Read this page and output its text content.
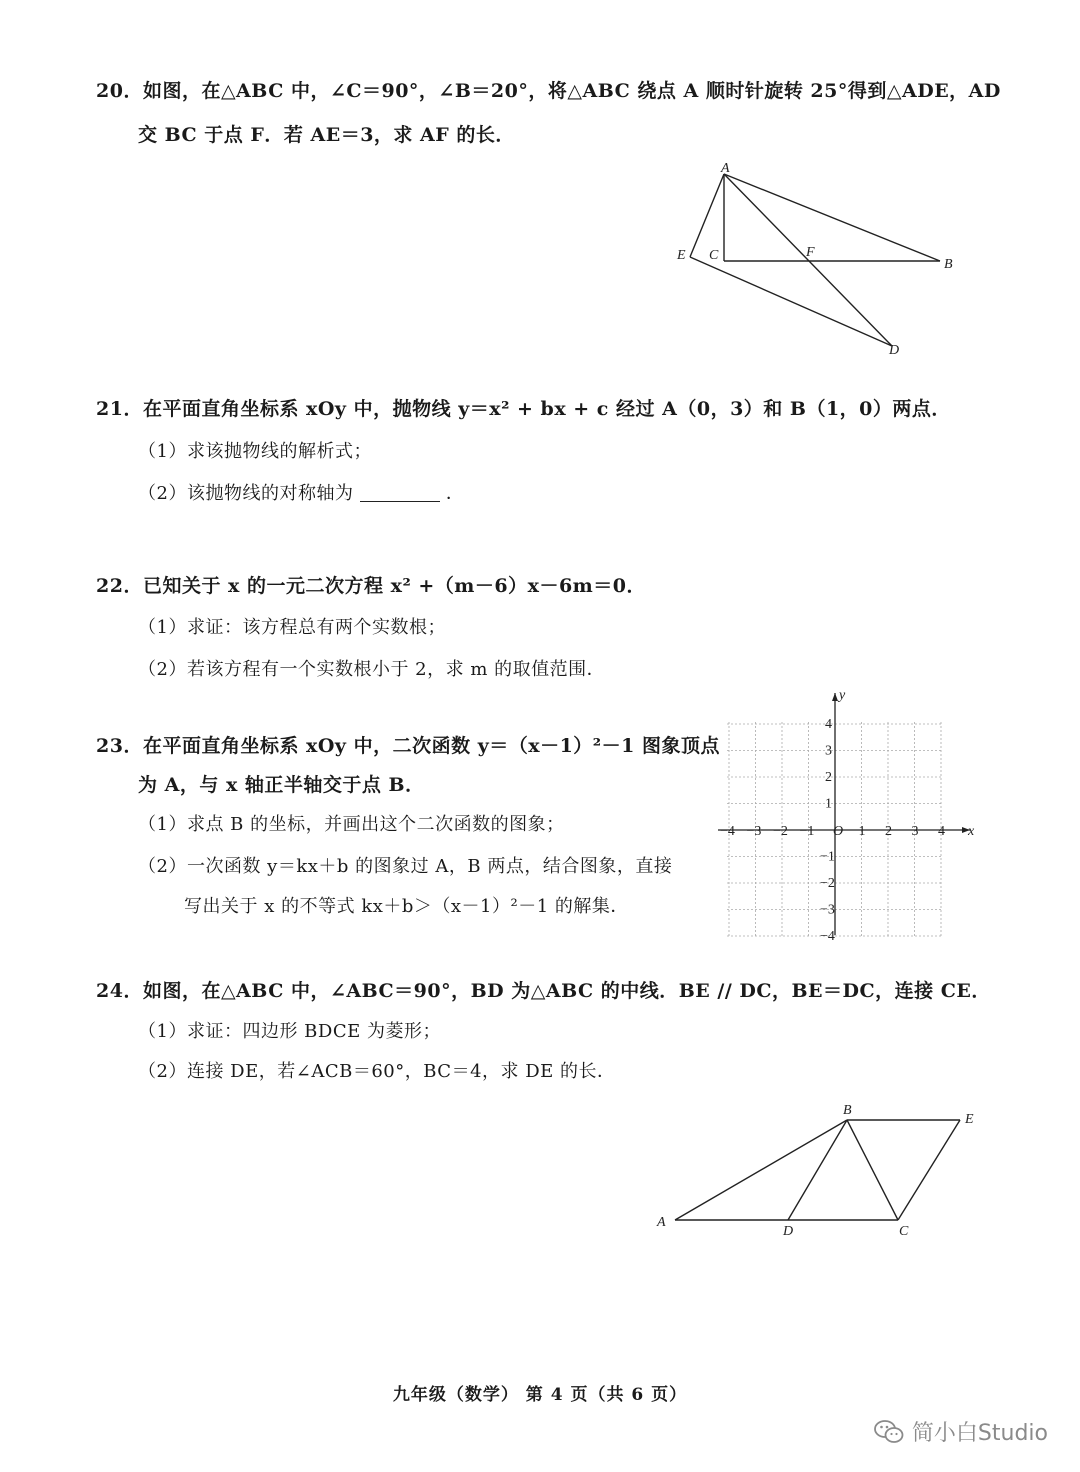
20．如图，在△ABC 中，∠C＝90°，∠B＝20°，将△ABC 绕点 A 顺时针旋转 25°得到△ADE，AD
交 BC 于点 F．若 AE＝3，求 AF 的长．
A
B
C
D
E	F
21．在平面直角坐标系 xOy 中，抛物线 y＝x² + bx + c 经过 A（0，3）和 B（1，0）两点．
（1）求该抛物线的解析式；
（2）该抛物线的对称轴为	．
22．已知关于 x 的一元二次方程 x² +（m－6）x－6m＝0．
（1）求证：该方程总有两个实数根；
（2）若该方程有一个实数根小于 2，求 m 的取值范围．
23．在平面直角坐标系 xOy 中，二次函数 y＝（x－1）²－1 图象顶点
为 A，与 x 轴正半轴交于点 B．
（1）求点 B 的坐标，并画出这个二次函数的图象；
（2）一次函数 y＝kx＋b 的图象过 A，B 两点，结合图象，直接
写出关于 x 的不等式 kx＋b＞（x－1）²－1 的解集．
x
y
O
−4 −3 −2 −1	1 2 3 4
4
3
2
1
−1
−2
−3
−4
24．如图，在△ABC 中，∠ABC＝90°，BD 为△ABC 的中线．BE // DC，BE＝DC，连接 CE．
（1）求证：四边形 BDCE 为菱形；
（2）连接 DE，若∠ACB＝60°，BC＝4，求 DE 的长．
A
B
C
D
E
九年级（数学） 第 4 页（共 6 页）
简小白Studio
